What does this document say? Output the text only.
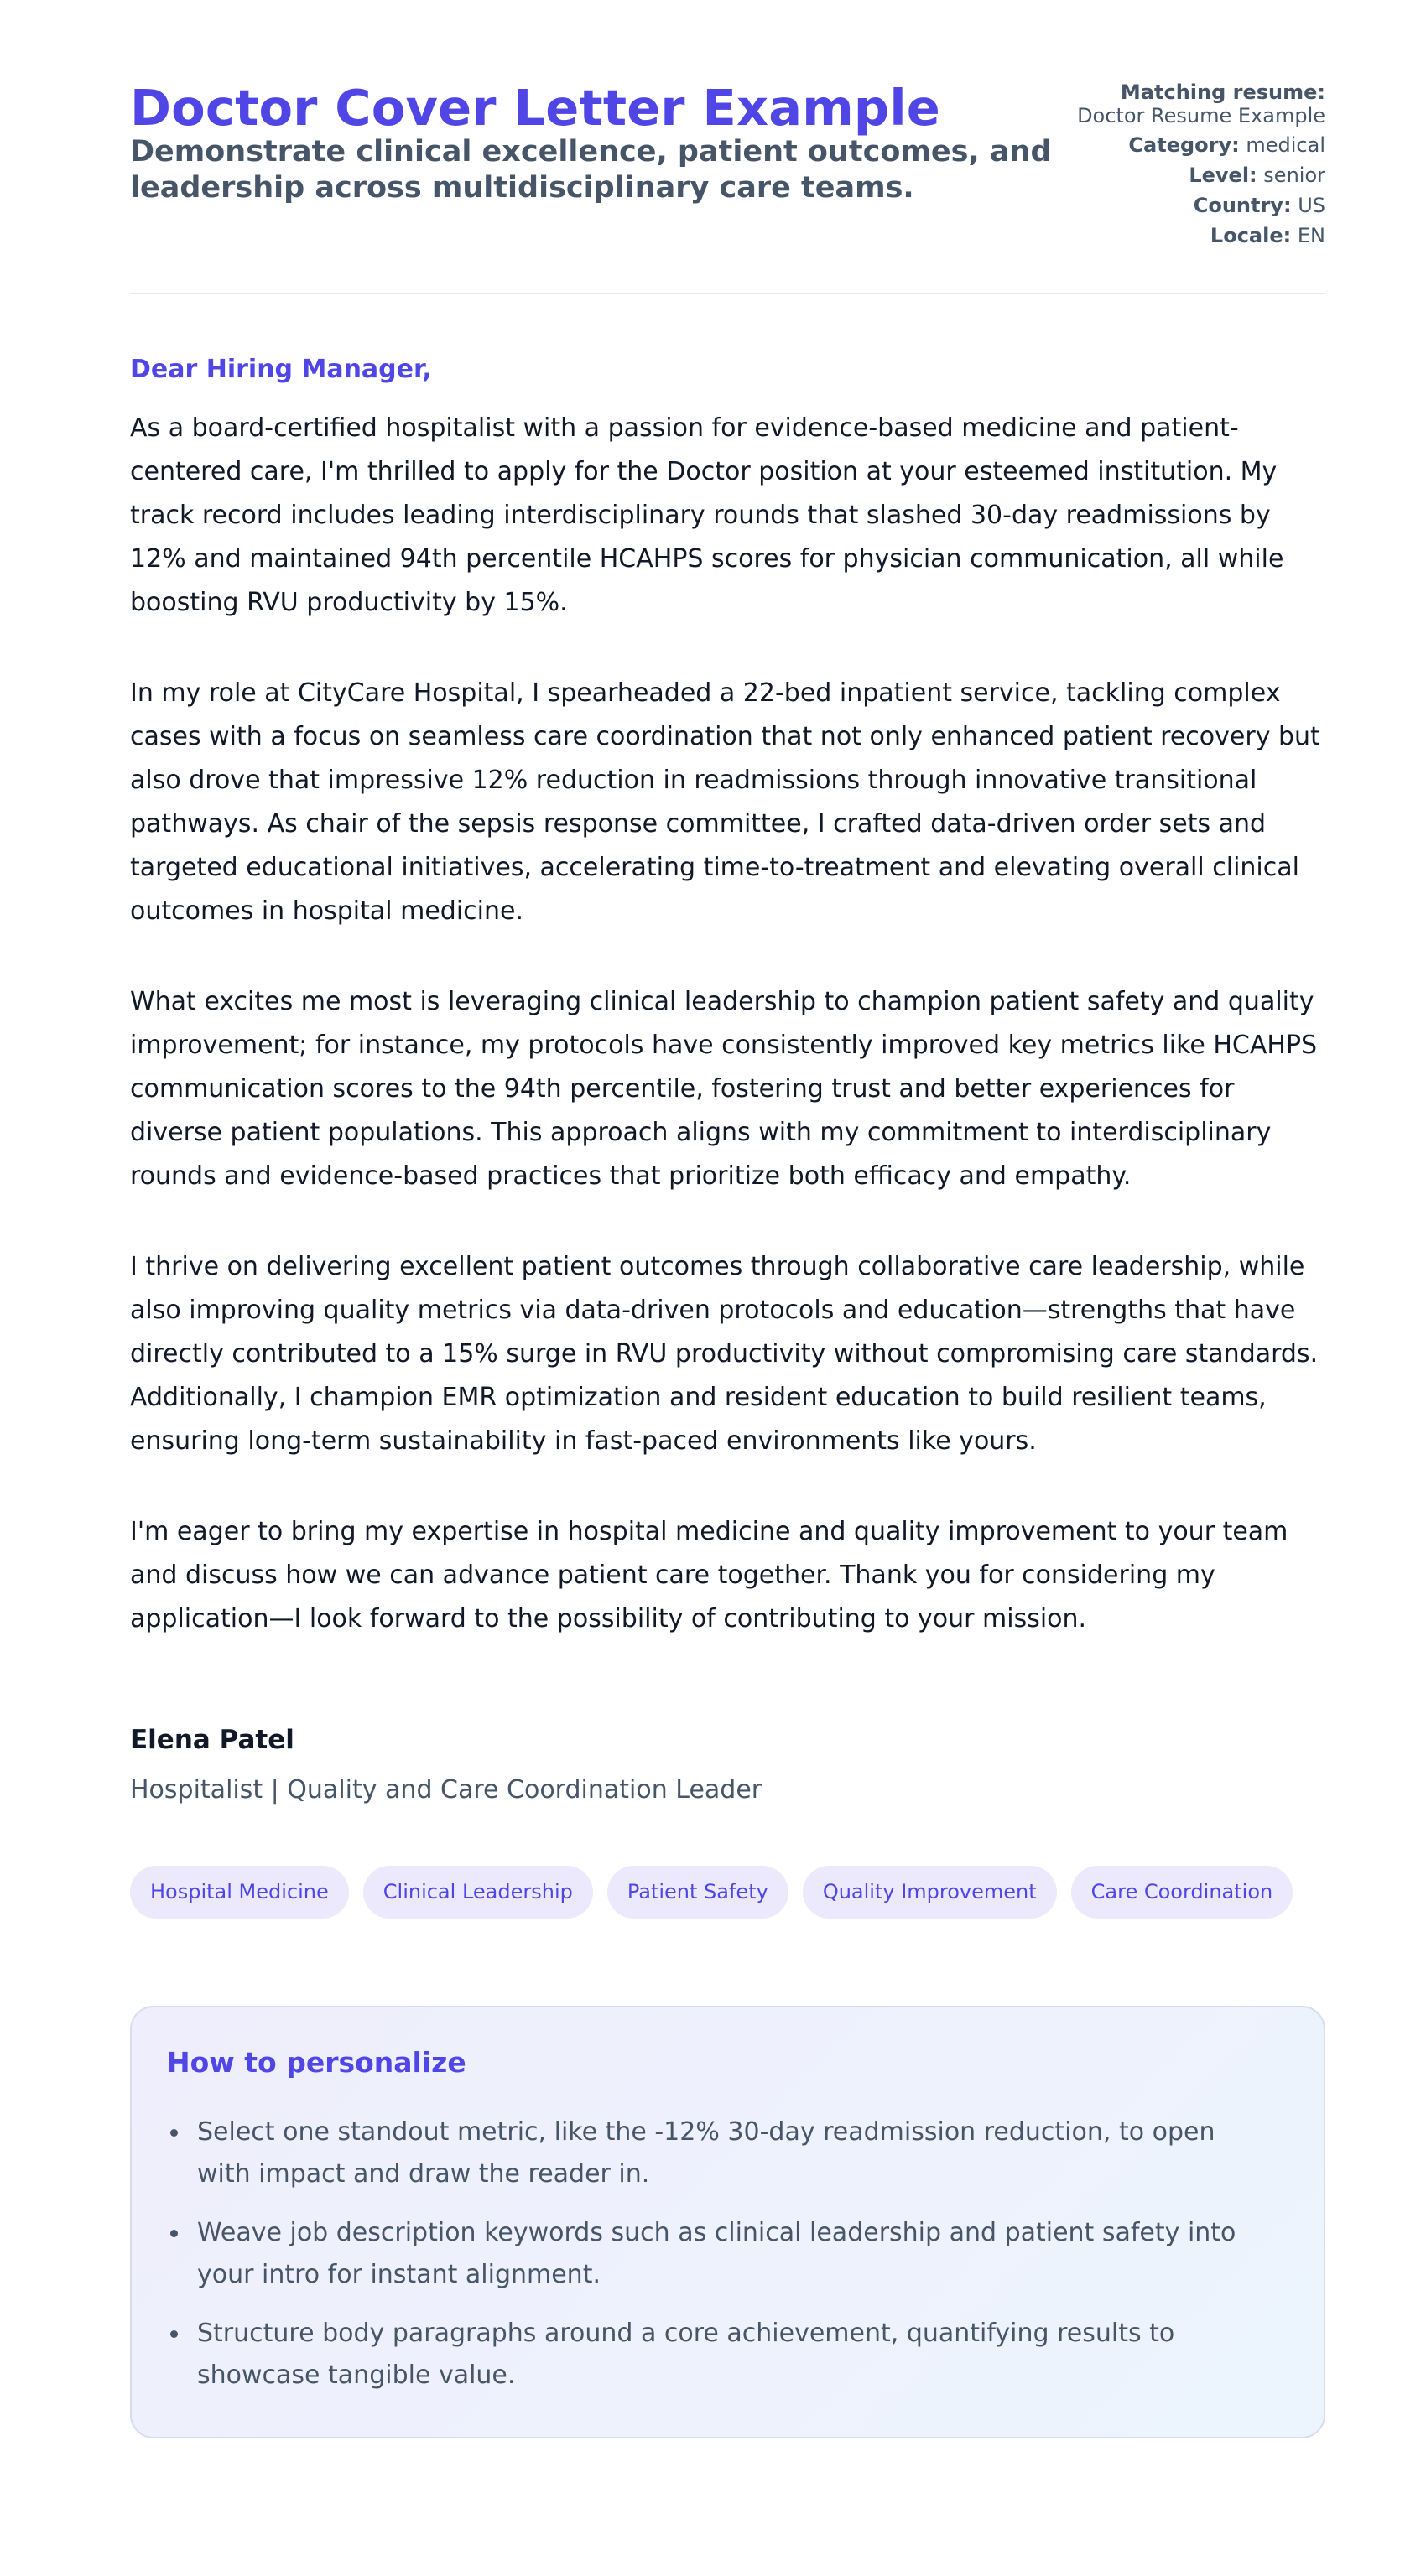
Doctor Cover Letter Example
Demonstrate clinical excellence, patient outcomes, and leadership across multidisciplinary care teams.
Matching resume:
Doctor Resume Example
Category: medical
Level: senior
Country: US
Locale: EN

Dear Hiring Manager,

As a board-certified hospitalist with a passion for evidence-based medicine and patient-centered care, I'm thrilled to apply for the Doctor position at your esteemed institution. My track record includes leading interdisciplinary rounds that slashed 30-day readmissions by 12% and maintained 94th percentile HCAHPS scores for physician communication, all while boosting RVU productivity by 15%.

In my role at CityCare Hospital, I spearheaded a 22-bed inpatient service, tackling complex cases with a focus on seamless care coordination that not only enhanced patient recovery but also drove that impressive 12% reduction in readmissions through innovative transitional pathways. As chair of the sepsis response committee, I crafted data-driven order sets and targeted educational initiatives, accelerating time-to-treatment and elevating overall clinical outcomes in hospital medicine.

What excites me most is leveraging clinical leadership to champion patient safety and quality improvement; for instance, my protocols have consistently improved key metrics like HCAHPS communication scores to the 94th percentile, fostering trust and better experiences for diverse patient populations. This approach aligns with my commitment to interdisciplinary rounds and evidence-based practices that prioritize both efficacy and empathy.

I thrive on delivering excellent patient outcomes through collaborative care leadership, while also improving quality metrics via data-driven protocols and education—strengths that have directly contributed to a 15% surge in RVU productivity without compromising care standards. Additionally, I champion EMR optimization and resident education to build resilient teams, ensuring long-term sustainability in fast-paced environments like yours.

I'm eager to bring my expertise in hospital medicine and quality improvement to your team and discuss how we can advance patient care together. Thank you for considering my application—I look forward to the possibility of contributing to your mission.

Elena Patel
Hospitalist | Quality and Care Coordination Leader
Hospital Medicine	Clinical Leadership	Patient Safety	Quality Improvement	Care Coordination
How to personalize
Select one standout metric, like the -12% 30-day readmission reduction, to open with impact and draw the reader in.
Weave job description keywords such as clinical leadership and patient safety into your intro for instant alignment.
Structure body paragraphs around a core achievement, quantifying results to showcase tangible value.
